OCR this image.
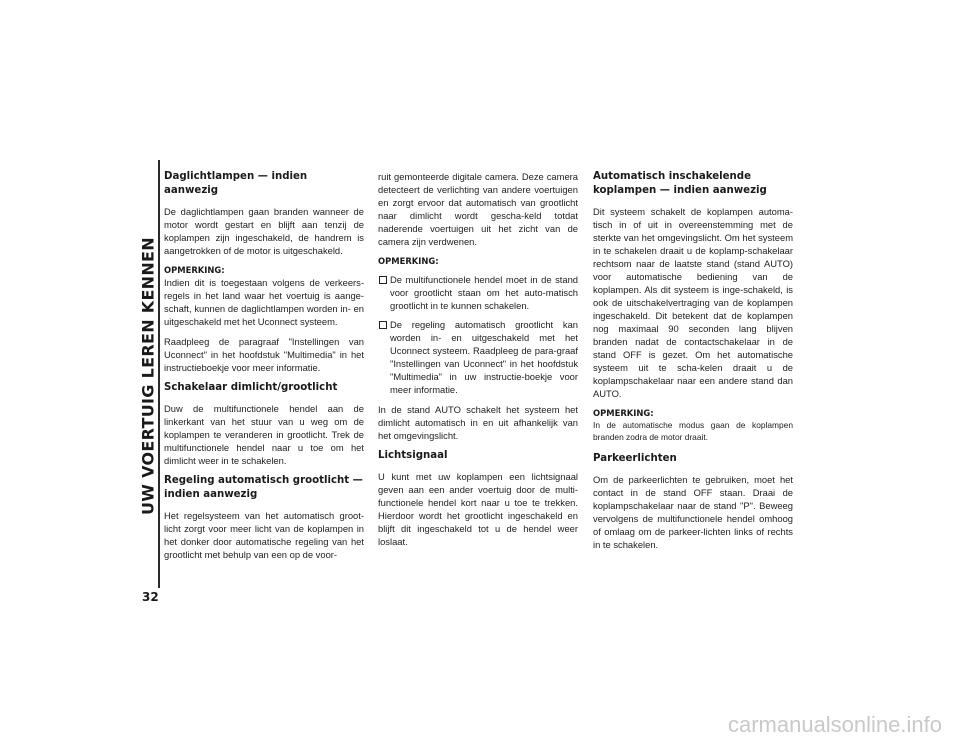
UW VOERTUIG LEREN KENNEN
32
Daglichtlampen — indien aanwezig

De daglichtlampen gaan branden wanneer de motor wordt gestart en blijft aan tenzij de koplampen zijn ingeschakeld, de handrem is aangetrokken of de motor is uitgeschakeld.

OPMERKING:

Indien dit is toegestaan volgens de verkeers-regels in het land waar het voertuig is aange-schaft, kunnen de daglichtlampen worden in- en uitgeschakeld met het Uconnect systeem.

Raadpleeg de paragraaf "Instellingen van Uconnect" in het hoofdstuk "Multimedia" in het instructieboekje voor meer informatie.

Schakelaar dimlicht/grootlicht

Duw de multifunctionele hendel aan de linkerkant van het stuur van u weg om de koplampen te veranderen in grootlicht. Trek de multifunctionele hendel naar u toe om het dimlicht weer in te schakelen.

Regeling automatisch grootlicht — indien aanwezig

Het regelsysteem van het automatisch groot-licht zorgt voor meer licht van de koplampen in het donker door automatische regeling van het grootlicht met behulp van een op de voor-

ruit gemonteerde digitale camera. Deze camera detecteert de verlichting van andere voertuigen en zorgt ervoor dat automatisch van grootlicht naar dimlicht wordt gescha-keld totdat naderende voertuigen uit het zicht van de camera zijn verdwenen.

OPMERKING:
De multifunctionele hendel moet in de stand voor grootlicht staan om het auto-matisch grootlicht in te kunnen schakelen.
De regeling automatisch grootlicht kan worden in- en uitgeschakeld met het Uconnect systeem. Raadpleeg de para-graaf "Instellingen van Uconnect" in het hoofdstuk "Multimedia" in uw instructie-boekje voor meer informatie.

In de stand AUTO schakelt het systeem het dimlicht automatisch in en uit afhankelijk van het omgevingslicht.

Lichtsignaal

U kunt met uw koplampen een lichtsignaal geven aan een ander voertuig door de multi-functionele hendel kort naar u toe te trekken. Hierdoor wordt het grootlicht ingeschakeld en blijft dit ingeschakeld tot u de hendel weer loslaat.

Automatisch inschakelende koplampen — indien aanwezig

Dit systeem schakelt de koplampen automa-tisch in of uit in overeenstemming met de sterkte van het omgevingslicht. Om het systeem in te schakelen draait u de koplamp-schakelaar rechtsom naar de laatste stand (stand AUTO) voor automatische bediening van de koplampen. Als dit systeem is inge-schakeld, is ook de uitschakelvertraging van de koplampen ingeschakeld. Dit betekent dat de koplampen nog maximaal 90 seconden lang blijven branden nadat de contactschakelaar in de stand OFF is gezet. Om het automatische systeem uit te scha-kelen draait u de koplampschakelaar naar een andere stand dan AUTO.

OPMERKING:

In de automatische modus gaan de koplampen branden zodra de motor draait.

Parkeerlichten

Om de parkeerlichten te gebruiken, moet het contact in de stand OFF staan. Draai de koplampschakelaar naar de stand "P". Beweeg vervolgens de multifunctionele hendel omhoog of omlaag om de parkeer-lichten links of rechts in te schakelen.

carmanualsonline.info
